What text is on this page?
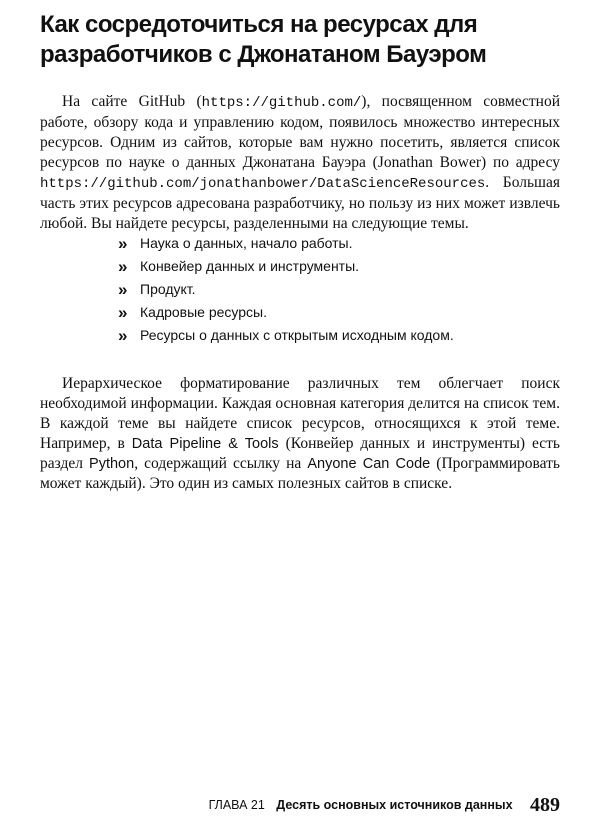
Как сосредоточиться на ресурсах для
разработчиков с Джонатаном Бауэром

На сайте GitHub (https://github.com/), посвященном совместной работе, обзору кода и управлению кодом, появилось множество интересных ресурсов. Одним из сайтов, которые вам нужно посетить, является список ресурсов по науке о данных Джонатана Бауэра (Jonathan Bower) по адресу https://github.com/jonathanbower/DataScienceResources. Большая часть этих ресурсов адресована разработчику, но пользу из них может извлечь любой. Вы найдете ресурсы, разделенными на следующие темы.

» Наука о данных, начало работы.
» Конвейер данных и инструменты.
» Продукт.
» Кадровые ресурсы.
» Ресурсы о данных с открытым исходным кодом.

Иерархическое форматирование различных тем облегчает поиск необходимой информации. Каждая основная категория делится на список тем. В каждой теме вы найдете список ресурсов, относящихся к этой теме. Например, в Data Pipeline & Tools (Конвейер данных и инструменты) есть раздел Python, содержащий ссылку на Anyone Can Code (Программировать может каждый). Это один из самых полезных сайтов в списке.

ГЛАВА 21 Десять основных источников данных 489
